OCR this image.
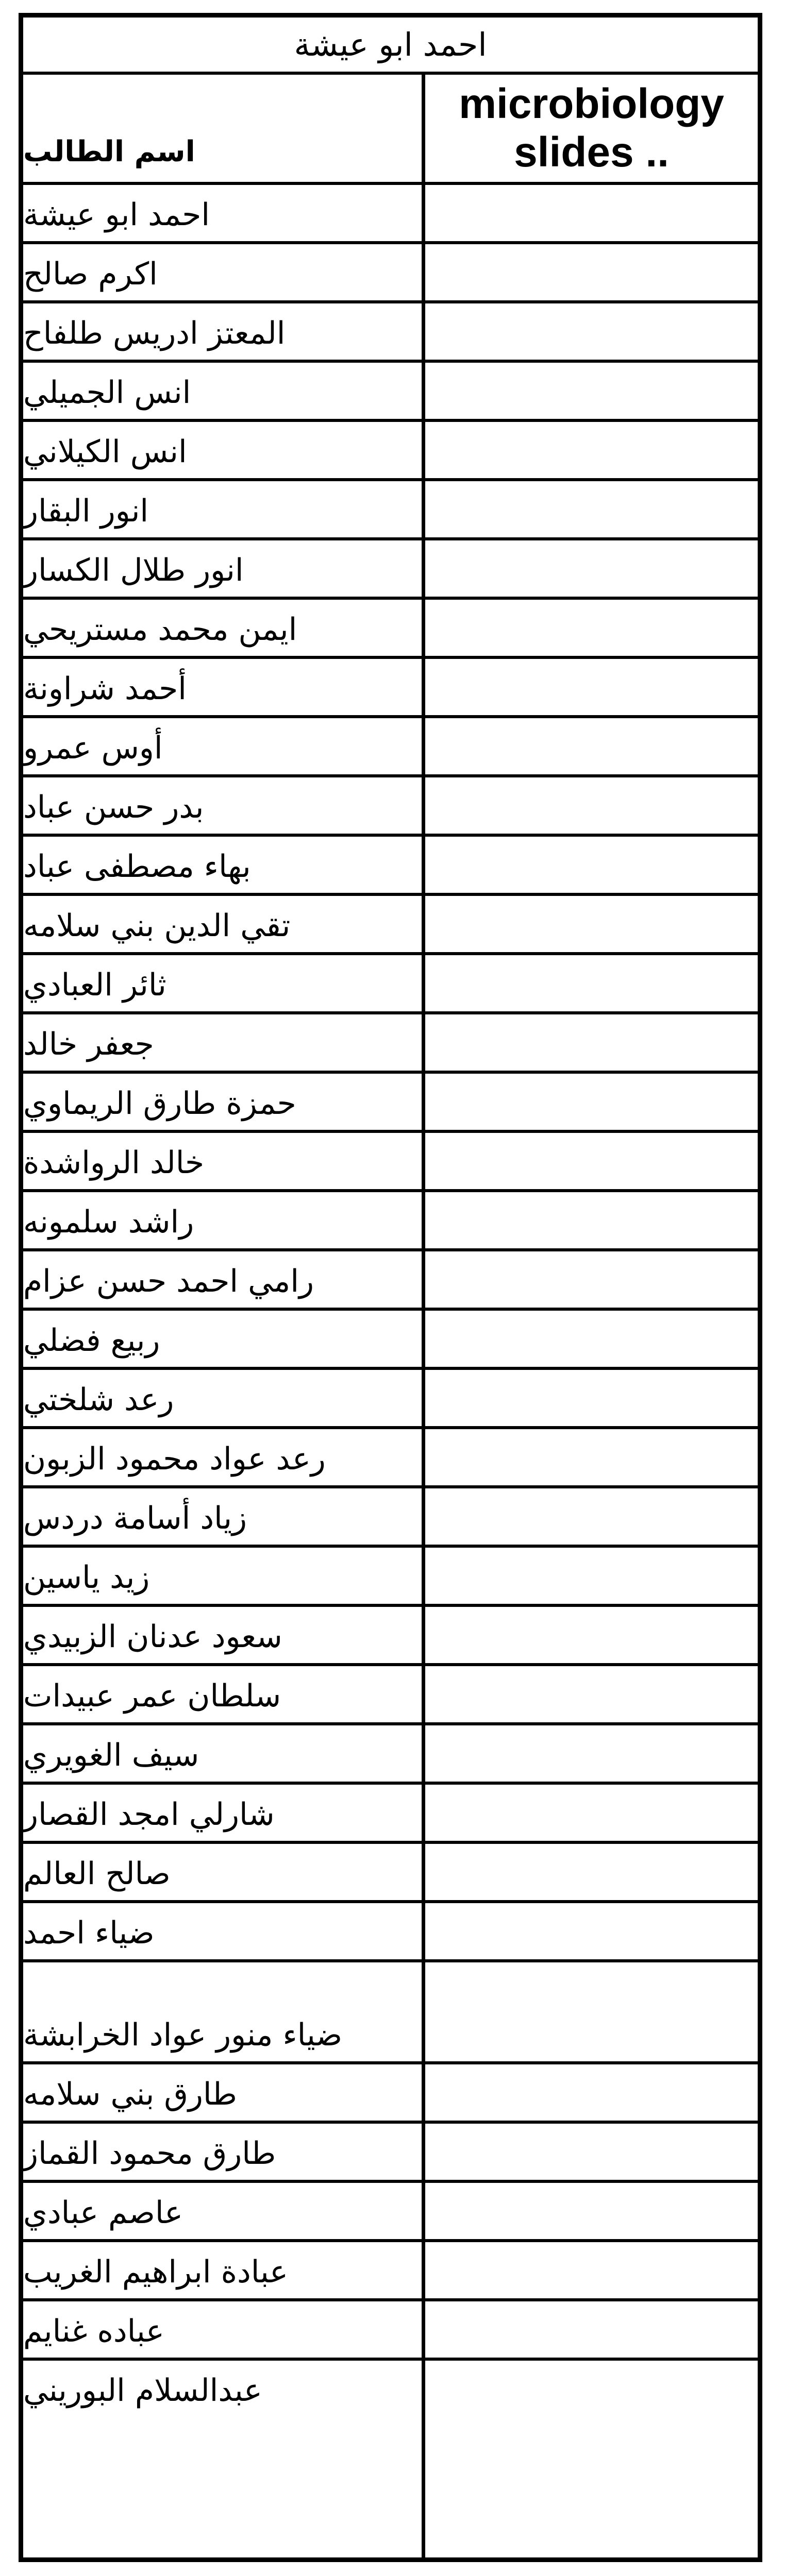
احمد ابو عيشة
اسم الطالب
microbiology
slides ..
احمد ابو عيشة
اكرم صالح
المعتز ادريس طلفاح
انس الجميلي
انس الكيلاني
انور البقار
انور طلال الكسار
ايمن محمد مستريحي
أحمد شراونة
أوس عمرو
بدر حسن عباد
بهاء مصطفى عباد
تقي الدين بني سلامه
ثائر العبادي
جعفر خالد
حمزة طارق الريماوي
خالد الرواشدة
راشد سلمونه
رامي احمد حسن عزام
ربيع فضلي
رعد شلختي
رعد عواد محمود الزبون
زياد أسامة دردس
زيد ياسين
سعود عدنان الزبيدي
سلطان عمر عبيدات
سيف الغويري
شارلي امجد القصار
صالح العالم
ضياء احمد
ضياء منور عواد الخرابشة
طارق بني سلامه
طارق محمود القماز
عاصم عبادي
عبادة ابراهيم الغريب
عباده غنايم
عبدالسلام البوريني
